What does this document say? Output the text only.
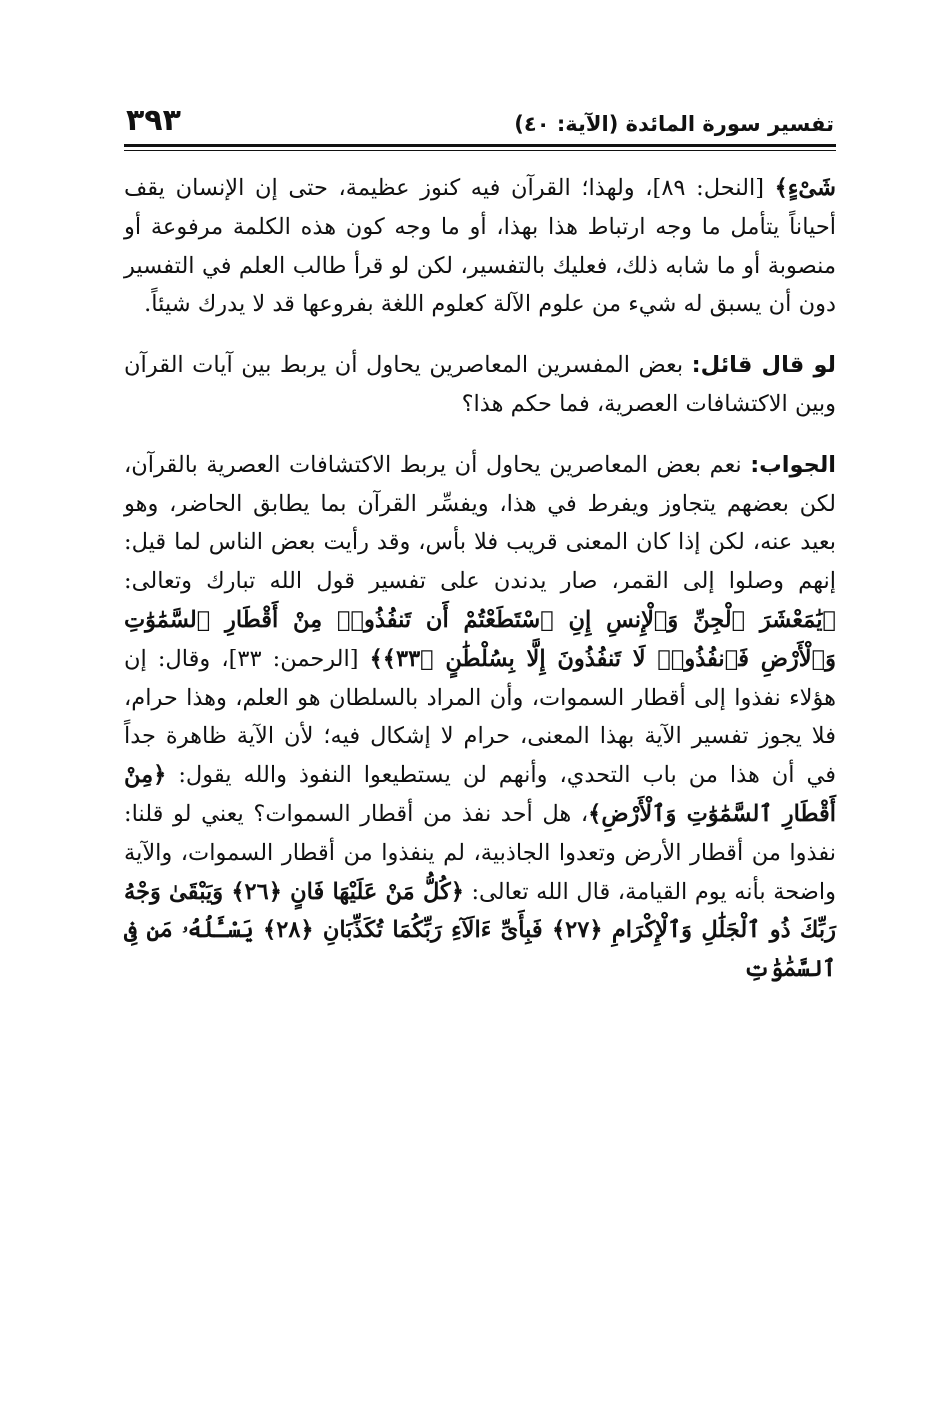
تفسير سورة المائدة (الآية: ٤٠)
٣٩٣

شَىْءٍ﴾ [النحل: ٨٩]، ولهذا؛ القرآن فيه كنوز عظيمة، حتى إن الإنسان يقف أحياناً يتأمل ما وجه ارتباط هذا بهذا، أو ما وجه كون هذه الكلمة مرفوعة أو منصوبة أو ما شابه ذلك، فعليك بالتفسير، لكن لو قرأ طالب العلم في التفسير دون أن يسبق له شيء من علوم الآلة كعلوم اللغة بفروعها قد لا يدرك شيئاً.

لو قال قائل: بعض المفسرين المعاصرين يحاول أن يربط بين آيات القرآن وبين الاكتشافات العصرية، فما حكم هذا؟

الجواب: نعم بعض المعاصرين يحاول أن يربط الاكتشافات العصرية بالقرآن، لكن بعضهم يتجاوز ويفرط في هذا، ويفسِّر القرآن بما يطابق الحاضر، وهو بعيد عنه، لكن إذا كان المعنى قريب فلا بأس، وقد رأيت بعض الناس لما قيل: إنهم وصلوا إلى القمر، صار يدندن على تفسير قول الله تبارك وتعالى: ﴿يَٰمَعْشَرَ ٱلْجِنِّ وَٱلْإِنسِ إِنِ ٱسْتَطَعْتُمْ أَن تَنفُذُوا۟ مِنْ أَقْطَارِ ٱلسَّمَٰوَٰتِ وَٱلْأَرْضِ فَٱنفُذُوا۟ لَا تَنفُذُونَ إِلَّا بِسُلْطَٰنٍ ﴿٣٣﴾﴾ [الرحمن: ٣٣]، وقال: إن هؤلاء نفذوا إلى أقطار السموات، وأن المراد بالسلطان هو العلم، وهذا حرام، فلا يجوز تفسير الآية بهذا المعنى، حرام لا إشكال فيه؛ لأن الآية ظاهرة جداً في أن هذا من باب التحدي، وأنهم لن يستطيعوا النفوذ والله يقول: ﴿مِنْ أَقْطَارِ ٱلسَّمَٰوَٰتِ وَٱلْأَرْضِ﴾، هل أحد نفذ من أقطار السموات؟ يعني لو قلنا: نفذوا من أقطار الأرض وتعدوا الجاذبية، لم ينفذوا من أقطار السموات، والآية واضحة بأنه يوم القيامة، قال الله تعالى: ﴿كُلُّ مَنْ عَلَيْهَا فَانٍ ﴿٢٦﴾ وَيَبْقَىٰ وَجْهُ رَبِّكَ ذُو ٱلْجَلَٰلِ وَٱلْإِكْرَامِ ﴿٢٧﴾ فَبِأَىِّ ءَالَآءِ رَبِّكُمَا تُكَذِّبَانِ ﴿٢٨﴾ يَسْـَٔلُهُۥ مَن فِى ٱلسَّمَٰوَٰتِ
